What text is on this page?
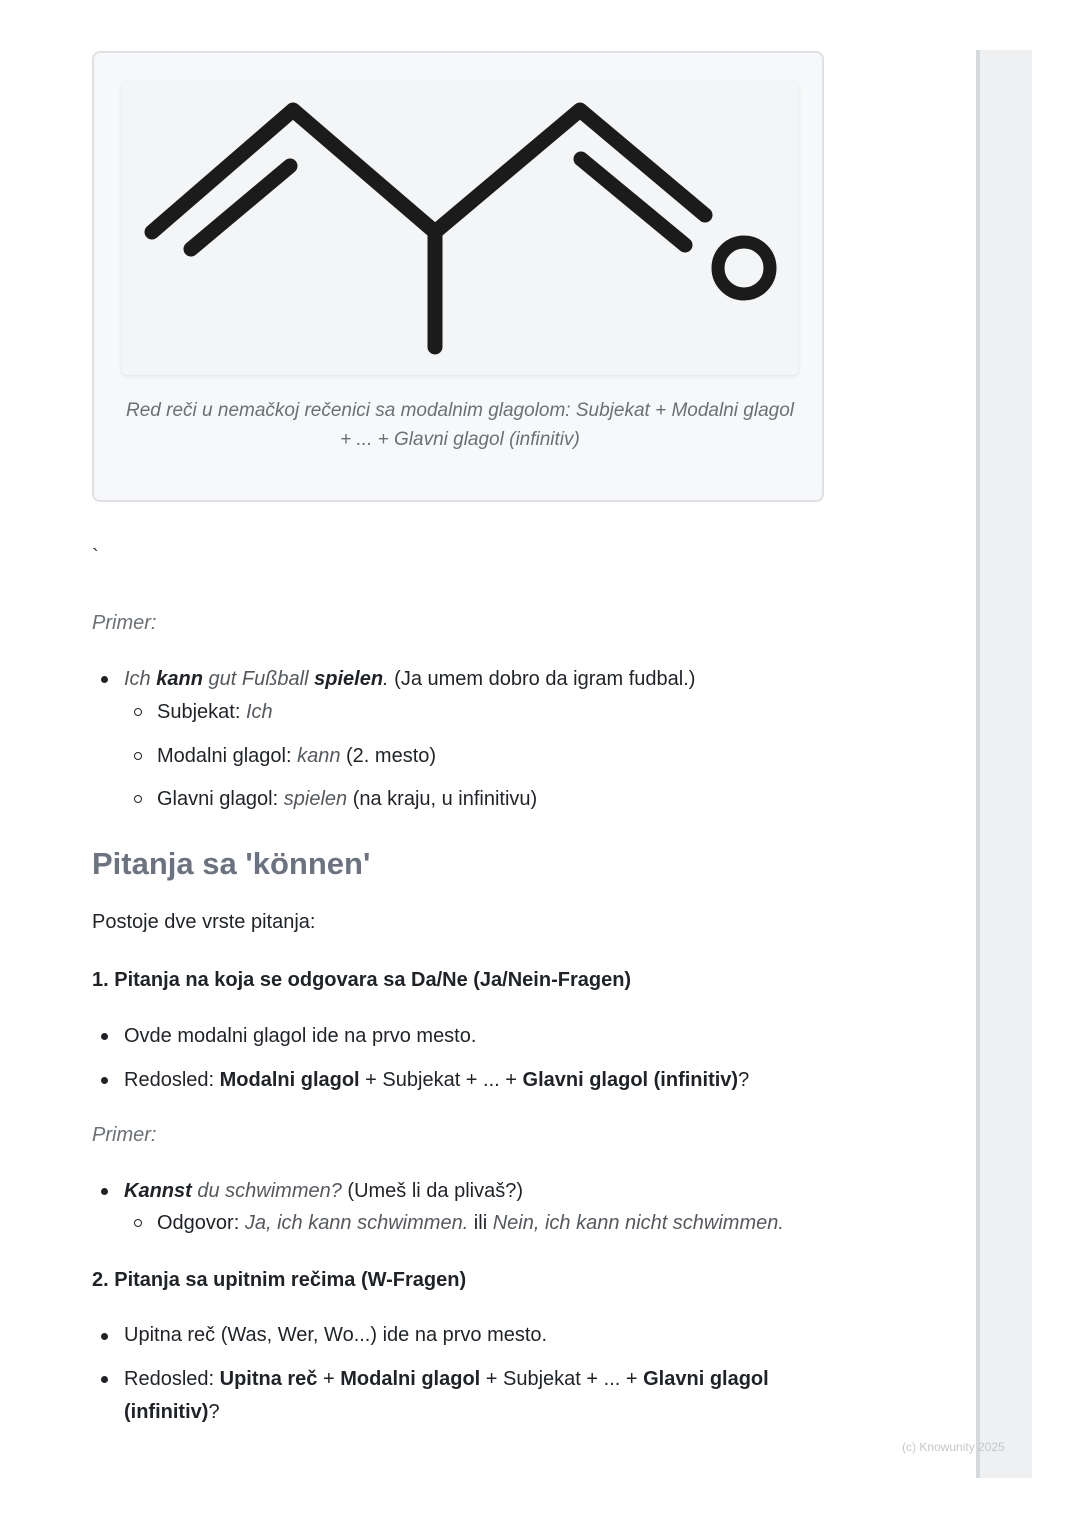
Red reči u nemačkoj rečenici sa modalnim glagolom: Subjekat + Modalni glagol + ... + Glavni glagol (infinitiv)
`
Primer:
Ich kann gut Fußball spielen. (Ja umem dobro da igram fudbal.)
Subjekat: Ich
Modalni glagol: kann (2. mesto)
Glavni glagol: spielen (na kraju, u infinitivu)
Pitanja sa 'können'
Postoje dve vrste pitanja:
1. Pitanja na koja se odgovara sa Da/Ne (Ja/Nein-Fragen)
Ovde modalni glagol ide na prvo mesto.
Redosled: Modalni glagol + Subjekat + ... + Glavni glagol (infinitiv)?
Primer:
Kannst du schwimmen? (Umeš li da plivaš?)
Odgovor: Ja, ich kann schwimmen. ili Nein, ich kann nicht schwimmen.
2. Pitanja sa upitnim rečima (W-Fragen)
Upitna reč (Was, Wer, Wo...) ide na prvo mesto.
Redosled: Upitna reč + Modalni glagol + Subjekat + ... + Glavni glagol
(infinitiv)?
(c) Knowunity 2025
